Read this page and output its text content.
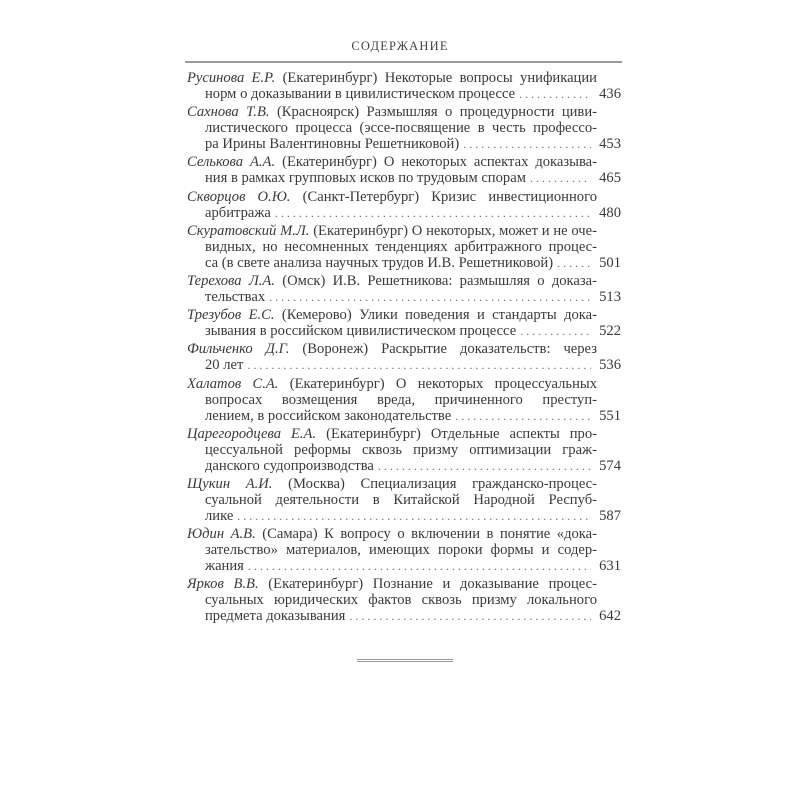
СОДЕРЖАНИЕ
Русинова Е.Р. (Екатеринбург) Некоторые вопросы унификации
норм о доказывании в цивилистическом процессе . . .	436
Сахнова Т.В. (Красноярск) Размышляя о процедурности циви-
листического процесса (эссе-посвящение в честь профессо-
ра Ирины Валентиновны Решетниковой) . . .	453
Селькова А.А. (Екатеринбург) О некоторых аспектах доказыва-
ния в рамках групповых исков по трудовым спорам . . .	465
Скворцов О.Ю. (Санкт-Петербург) Кризис инвестиционного
арбитража . . .	480
Скуратовский М.Л. (Екатеринбург) О некоторых, может и не оче-
видных, но несомненных тенденциях арбитражного процес-
са (в свете анализа научных трудов И.В. Решетниковой) . . .	501
Терехова Л.А. (Омск) И.В. Решетникова: размышляя о доказа-
тельствах . . .	513
Трезубов Е.С. (Кемерово) Улики поведения и стандарты дока-
зывания в российском цивилистическом процессе . . .	522
Фильченко Д.Г. (Воронеж) Раскрытие доказательств: через
20 лет . . .	536
Халатов С.А. (Екатеринбург) О некоторых процессуальных
вопросах возмещения вреда, причиненного преступ-
лением, в российском законодательстве . . .	551
Царегородцева Е.А. (Екатеринбург) Отдельные аспекты про-
цессуальной реформы сквозь призму оптимизации граж-
данского судопроизводства . . .	574
Щукин А.И. (Москва) Специализация гражданско-процес-
суальной деятельности в Китайской Народной Респуб-
лике . . .	587
Юдин А.В. (Самара) К вопросу о включении в понятие «дока-
зательство» материалов, имеющих пороки формы и содер-
жания . . .	631
Ярков В.В. (Екатеринбург) Познание и доказывание процес-
суальных юридических фактов сквозь призму локального
предмета доказывания . . .	642
